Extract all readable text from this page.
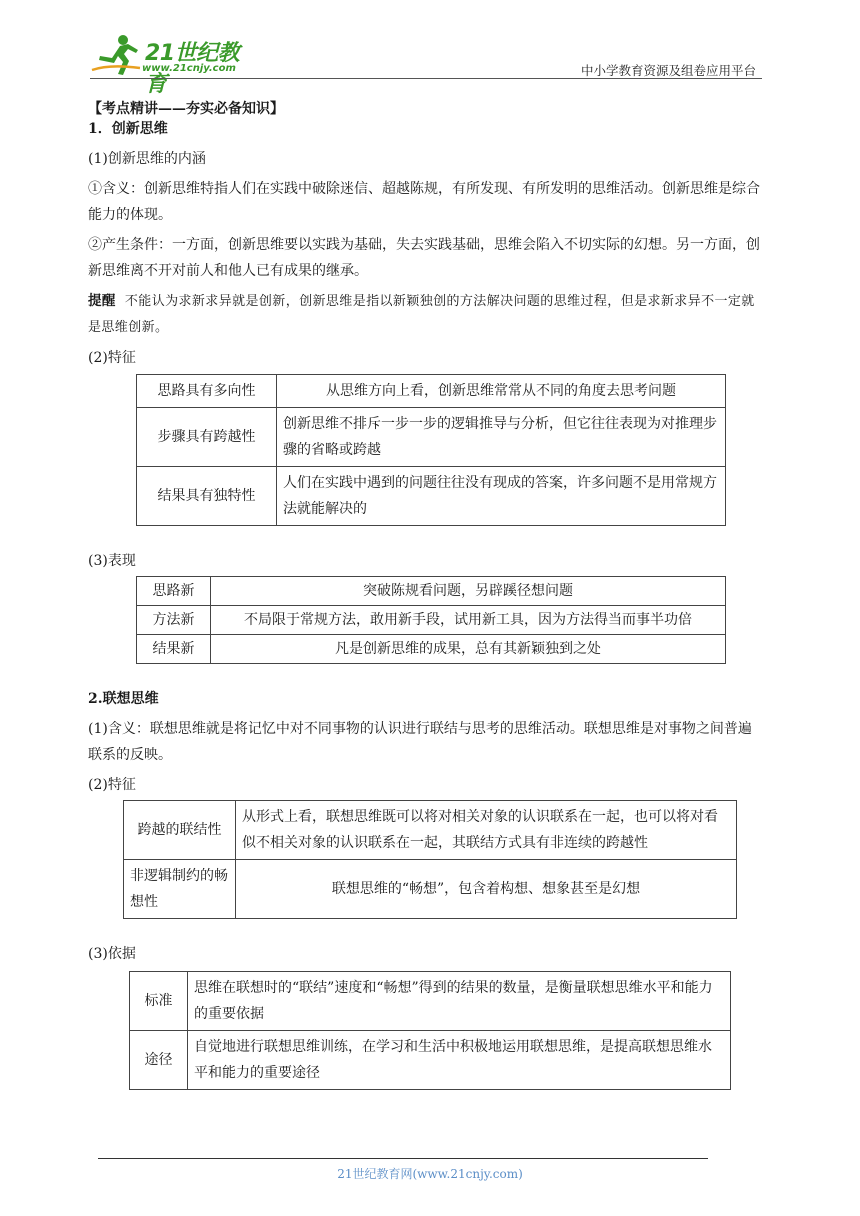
21世纪教育
www.21cnjy.com	中小学教育资源及组卷应用平台

【考点精讲——夯实必备知识】

1．创新思维

(1)创新思维的内涵

①含义：创新思维特指人们在实践中破除迷信、超越陈规，有所发现、有所发明的思维活动。创新思维是综合能力的体现。

②产生条件：一方面，创新思维要以实践为基础，失去实践基础，思维会陷入不切实际的幻想。另一方面，创新思维离不开对前人和他人已有成果的继承。

提醒 不能认为求新求异就是创新，创新思维是指以新颖独创的方法解决问题的思维过程，但是求新求异不一定就是思维创新。

(2)特征

思路具有多向性	从思维方向上看，创新思维常常从不同的角度去思考问题
步骤具有跨越性	创新思维不排斥一步一步的逻辑推导与分析，但它往往表现为对推理步骤的省略或跨越
结果具有独特性	人们在实践中遇到的问题往往没有现成的答案，许多问题不是用常规方法就能解决的

(3)表现

思路新	突破陈规看问题，另辟蹊径想问题
方法新	不局限于常规方法，敢用新手段，试用新工具，因为方法得当而事半功倍
结果新	凡是创新思维的成果，总有其新颖独到之处

2.联想思维

(1)含义：联想思维就是将记忆中对不同事物的认识进行联结与思考的思维活动。联想思维是对事物之间普遍联系的反映。

(2)特征

跨越的联结性	从形式上看，联想思维既可以将对相关对象的认识联系在一起，也可以将对看似不相关对象的认识联系在一起，其联结方式具有非连续的跨越性
非逻辑制约的畅想性	联想思维的“畅想”，包含着构想、想象甚至是幻想

(3)依据

标准	思维在联想时的“联结”速度和“畅想”得到的结果的数量，是衡量联想思维水平和能力的重要依据
途径	自觉地进行联想思维训练，在学习和生活中积极地运用联想思维，是提高联想思维水平和能力的重要途径
21世纪教育网(www.21cnjy.com)
